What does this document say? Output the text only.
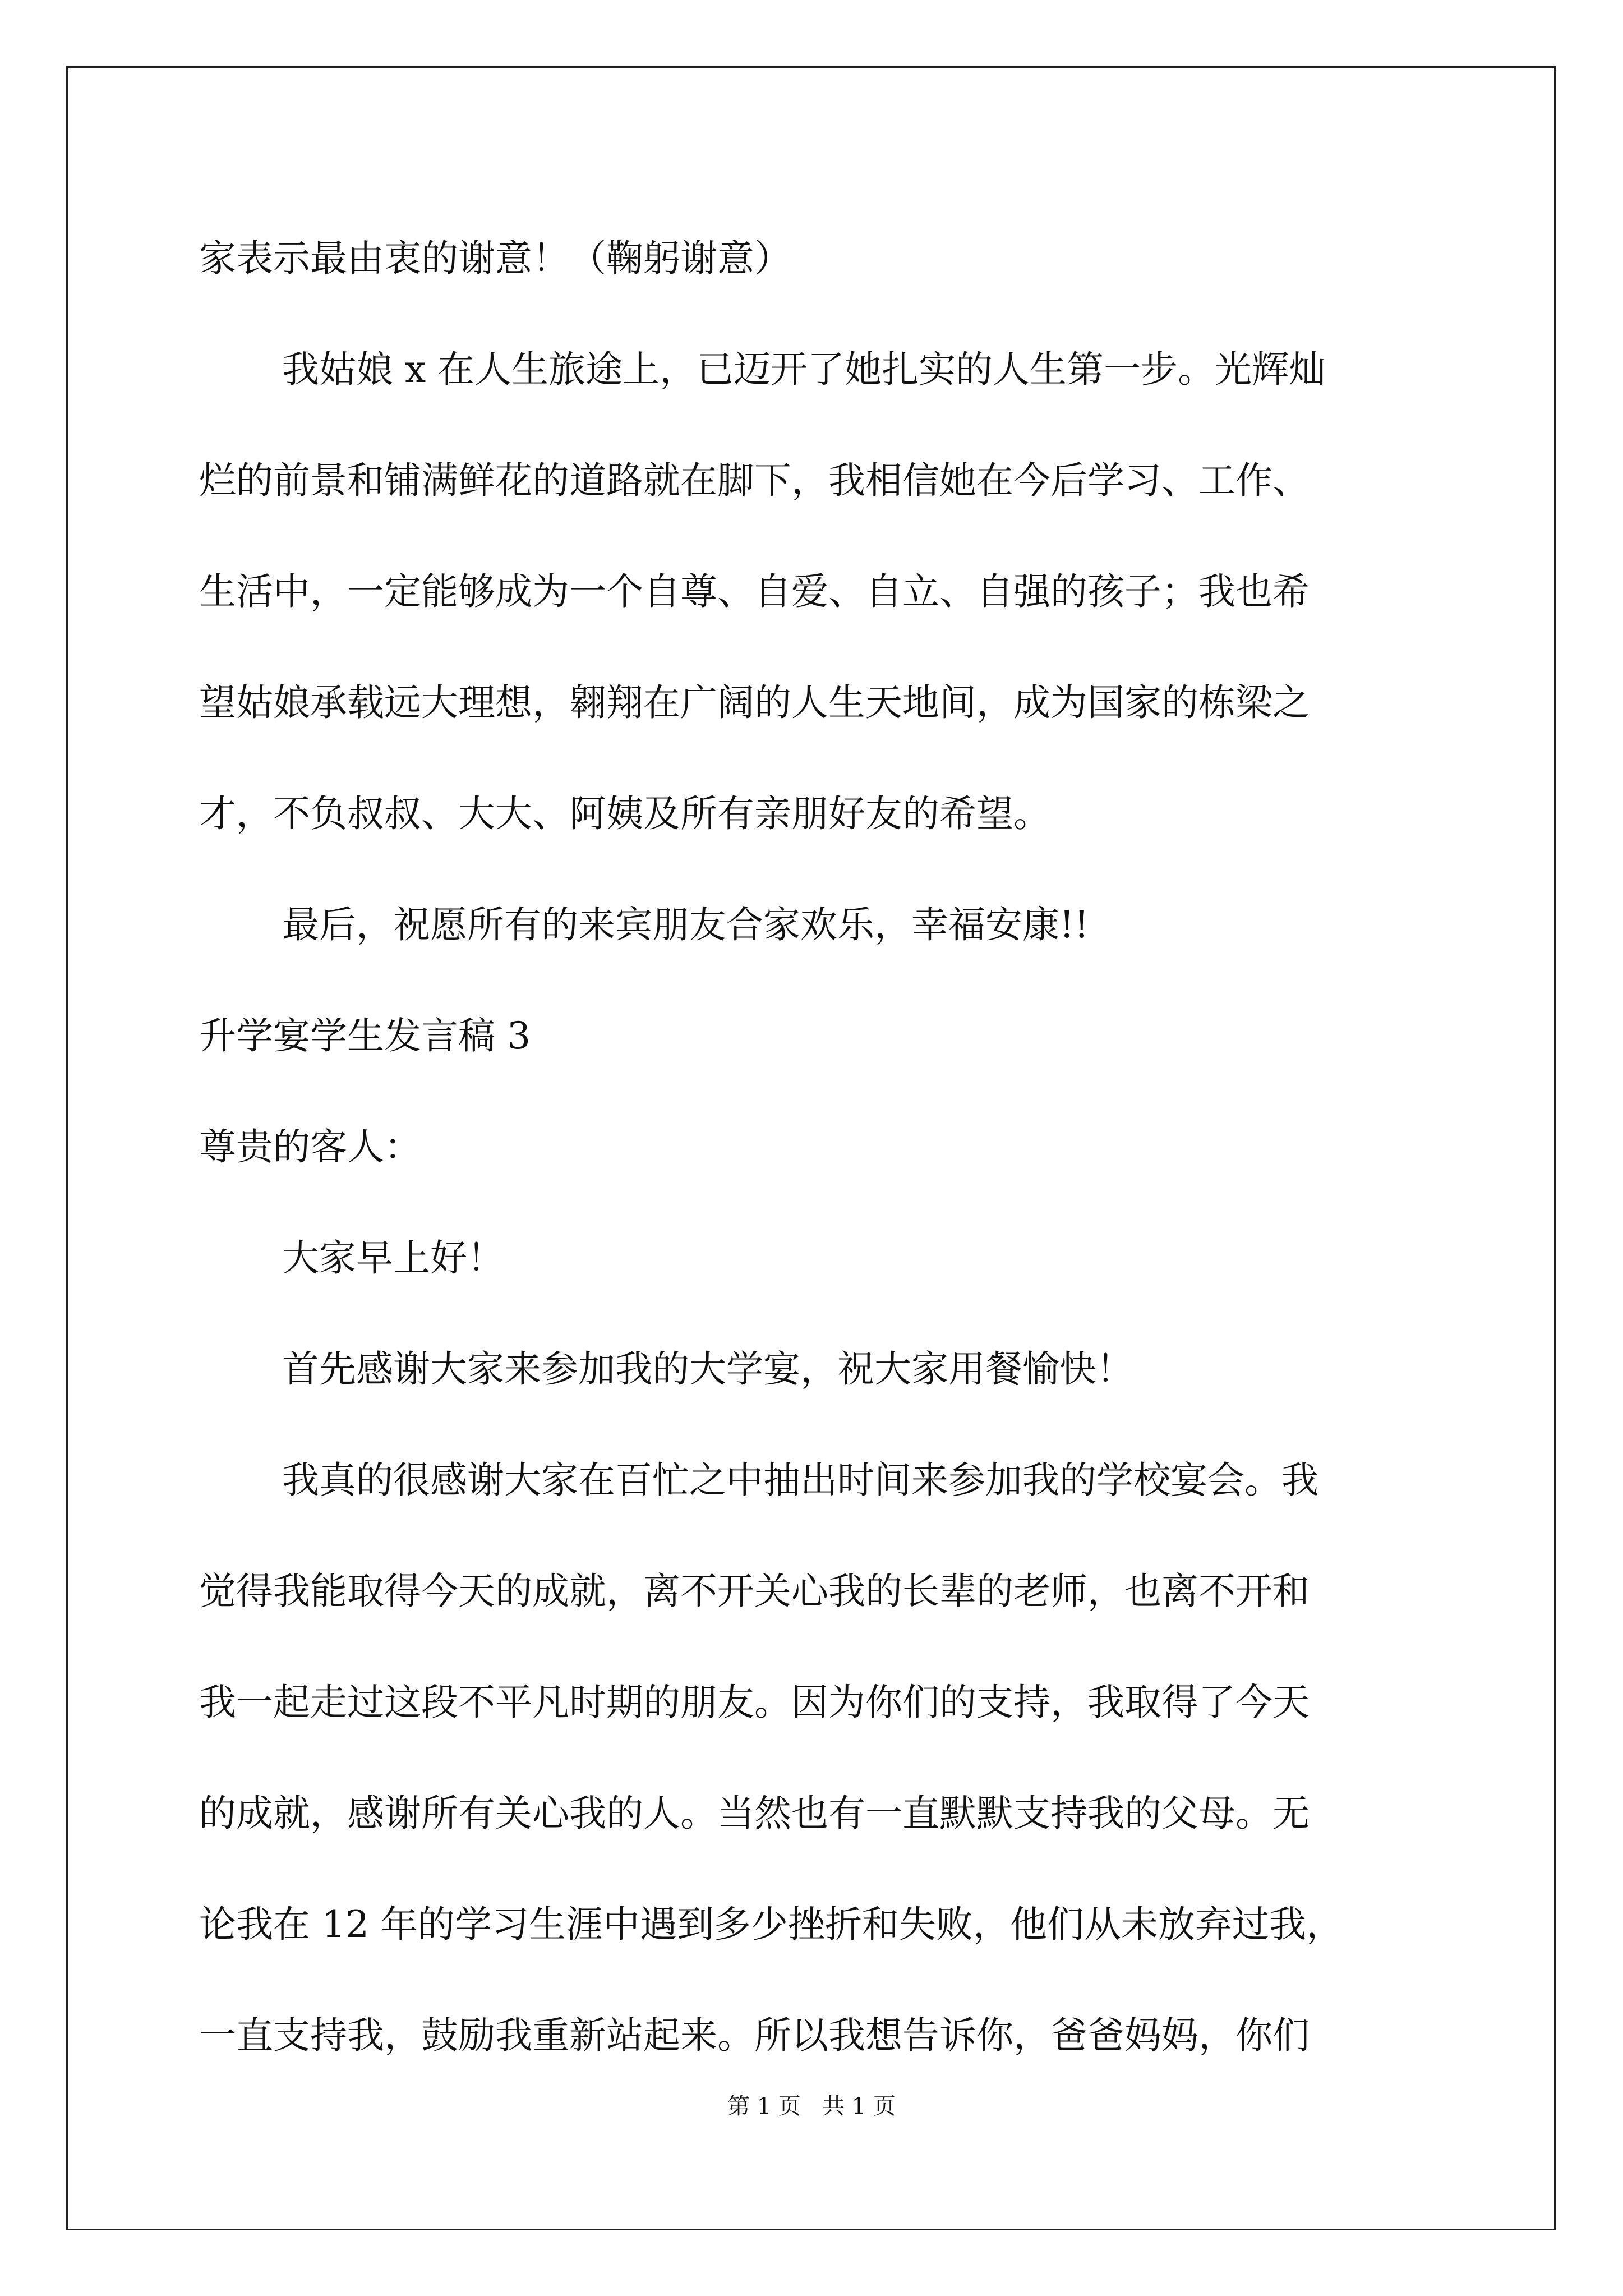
家表示最由衷的谢意！（鞠躬谢意）
我姑娘 x 在人生旅途上，已迈开了她扎实的人生第一步。光辉灿
烂的前景和铺满鲜花的道路就在脚下，我相信她在今后学习、工作、
生活中，一定能够成为一个自尊、自爱、自立、自强的孩子；我也希
望姑娘承载远大理想，翱翔在广阔的人生天地间，成为国家的栋梁之
才，不负叔叔、大大、阿姨及所有亲朋好友的希望。
最后，祝愿所有的来宾朋友合家欢乐，幸福安康!!
升学宴学生发言稿 3
尊贵的客人：
大家早上好！
首先感谢大家来参加我的大学宴，祝大家用餐愉快！
我真的很感谢大家在百忙之中抽出时间来参加我的学校宴会。我
觉得我能取得今天的成就，离不开关心我的长辈的老师，也离不开和
我一起走过这段不平凡时期的朋友。因为你们的支持，我取得了今天
的成就，感谢所有关心我的人。当然也有一直默默支持我的父母。无
论我在 12 年的学习生涯中遇到多少挫折和失败，他们从未放弃过我，
一直支持我，鼓励我重新站起来。所以我想告诉你，爸爸妈妈，你们
第 1 页   共 1 页
